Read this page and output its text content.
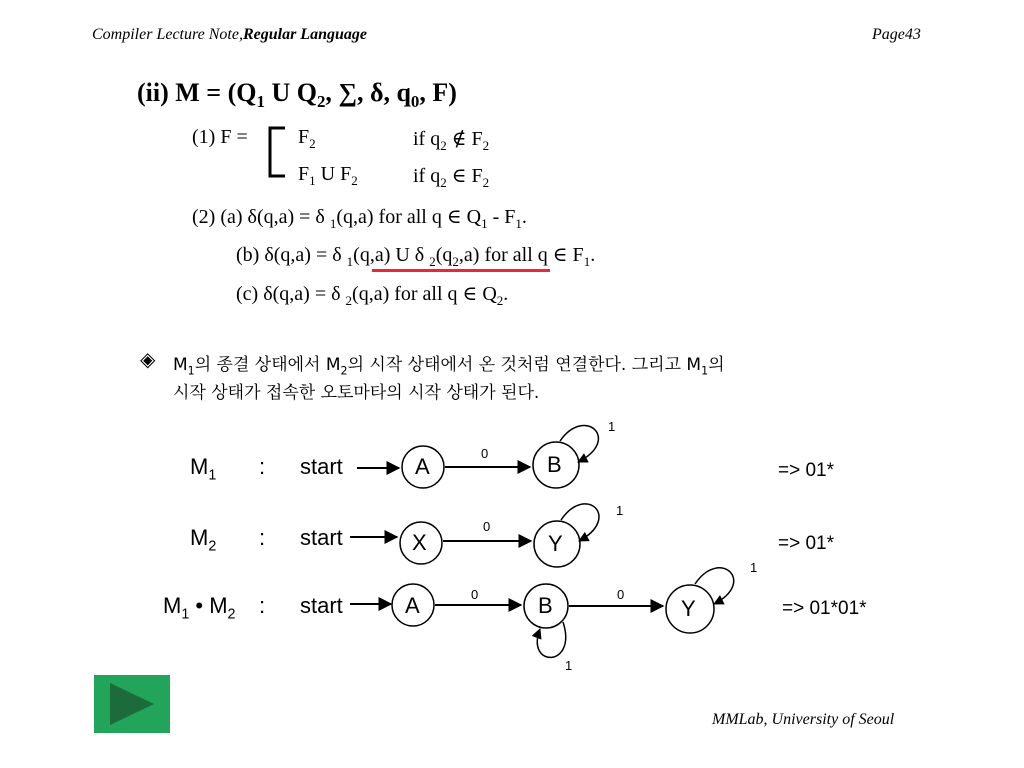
Compiler Lecture Note,Regular Language	Page43
(ii) $M = (Q_1$ U $Q_2$, ∑, δ, $q_0$, F)
(1) F =	$F_2$	if $q_2$ ∉ $F_2$
$F_1$ U $F_2$	if $q_2$ ∈ $F_2$
(2) (a) δ(q,a) = δ $_1$(q,a) for all q ∈ $Q_1 - F_1$.
(b) δ(q,a) = δ $_1$(q,a) U δ $_2(q_2,a)$ for all q ∈ $F_1$.
(c) δ(q,a) = δ $_2$(q,a) for all q ∈ $Q_2$.
◈ $M_1$의 종결 상태에서 $M_2$의 시작 상태에서 온 것처럼 연결한다. 그리고 $M_1$의
시작 상태가 접속한 오토마타의 시작 상태가 된다.
$M_1$ : start	A
0	B
1
=> 01*
$M_2$ : start	X
0
Y
1
=> 01*
$M_1$ • $M_2$ : start	A	0	B
1
0
Y
1
=> 01*01*
MMLab, University of Seoul
